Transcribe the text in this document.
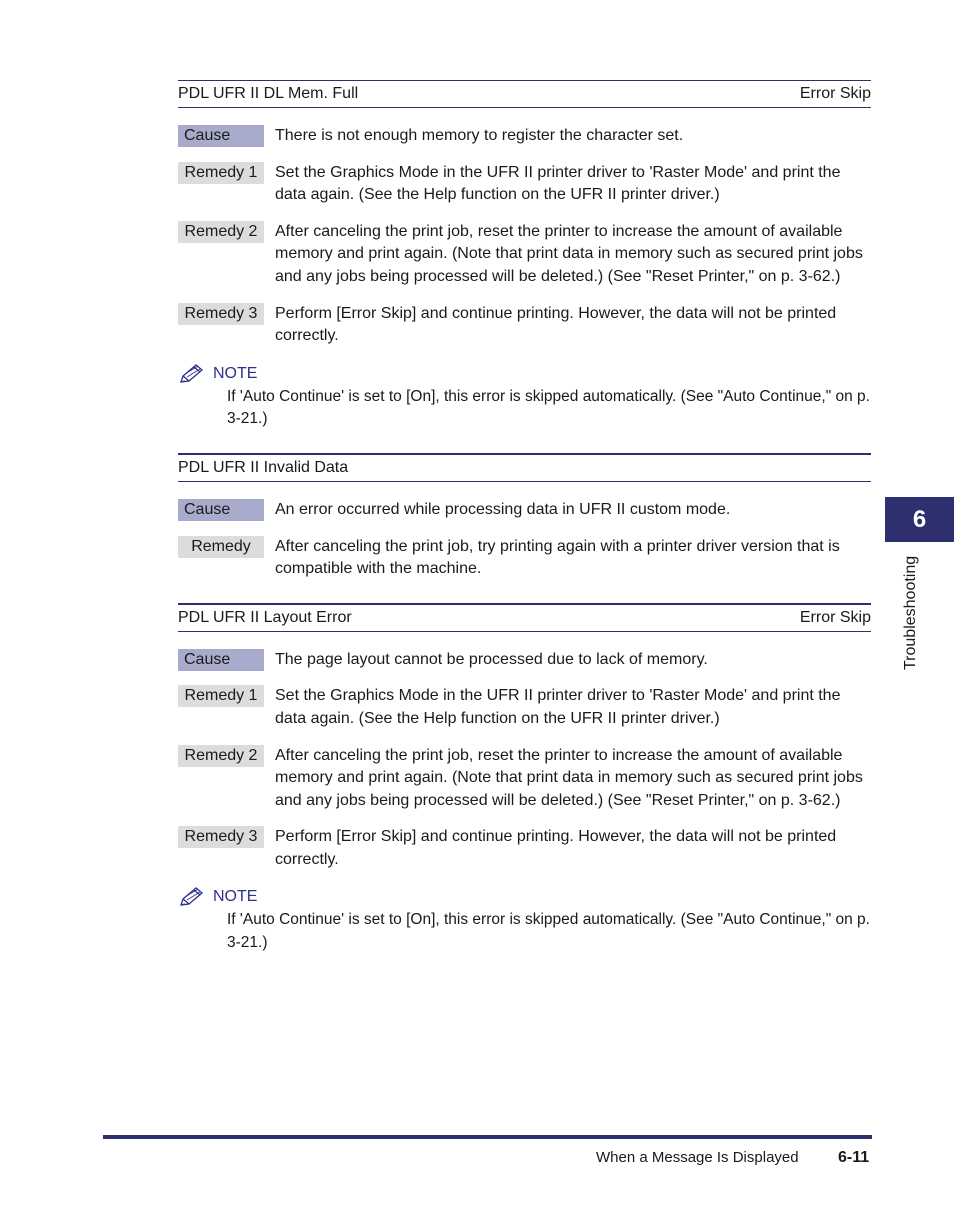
PDL UFR II DL Mem. Full	Error Skip
Cause	There is not enough memory to register the character set.
Remedy 1	Set the Graphics Mode in the UFR II printer driver to 'Raster Mode' and print the data again. (See the Help function on the UFR II printer driver.)
Remedy 2	After canceling the print job, reset the printer to increase the amount of available memory and print again. (Note that print data in memory such as secured print jobs and any jobs being processed will be deleted.) (See "Reset Printer," on p. 3-62.)
Remedy 3	Perform [Error Skip] and continue printing. However, the data will not be printed correctly.
NOTE
If 'Auto Continue' is set to [On], this error is skipped automatically. (See "Auto Continue," on p. 3-21.)
PDL UFR II Invalid Data
Cause	An error occurred while processing data in UFR II custom mode.
Remedy	After canceling the print job, try printing again with a printer driver version that is compatible with the machine.
PDL UFR II Layout Error	Error Skip
Cause	The page layout cannot be processed due to lack of memory.
Remedy 1	Set the Graphics Mode in the UFR II printer driver to 'Raster Mode' and print the data again. (See the Help function on the UFR II printer driver.)
Remedy 2	After canceling the print job, reset the printer to increase the amount of available memory and print again. (Note that print data in memory such as secured print jobs and any jobs being processed will be deleted.) (See "Reset Printer," on p. 3-62.)
Remedy 3	Perform [Error Skip] and continue printing. However, the data will not be printed correctly.
NOTE
If 'Auto Continue' is set to [On], this error is skipped automatically. (See "Auto Continue," on p. 3-21.)
6
Troubleshooting
When a Message Is Displayed 6-11
